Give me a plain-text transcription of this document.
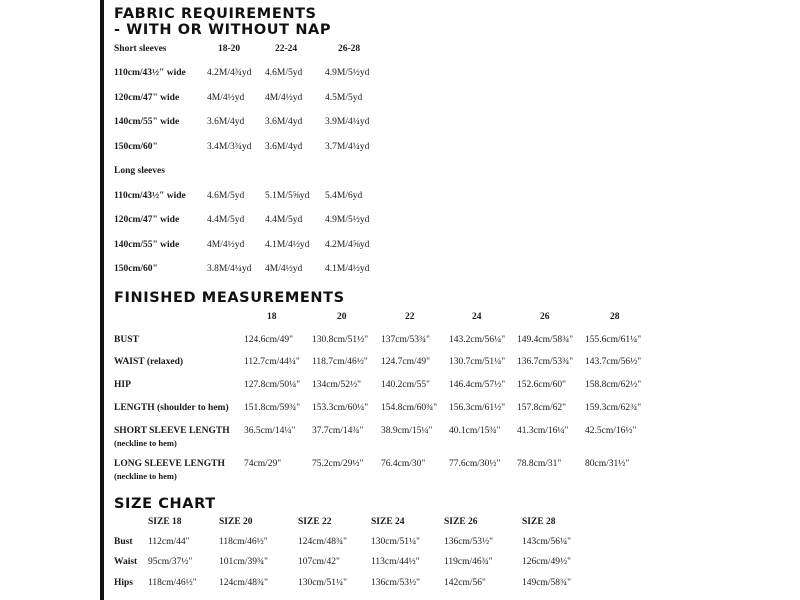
FABRIC REQUIREMENTS
- WITH OR WITHOUT NAP
Short sleeves	18-20	22-24	26-28
110cm/43½" wide 4.2M/4¾yd 4.6M/5yd 4.9M/5½yd
120cm/47" wide	4M/4½yd 4M/4½yd 4.5M/5yd
140cm/55" wide	3.6M/4yd 3.6M/4yd 3.9M/4¼yd
150cm/60"	3.4M/3¾yd 3.6M/4yd 3.7M/4¼yd
Long sleeves
110cm/43½" wide 4.6M/5yd 5.1M/5⅝yd 5.4M/6yd
120cm/47" wide	4.4M/5yd 4.4M/5yd 4.9M/5½yd
140cm/55" wide	4M/4½yd 4.1M/4½yd 4.2M/4⅝yd
150cm/60"	3.8M/4¼yd 4M/4½yd 4.1M/4½yd
FINISHED MEASUREMENTS
18	20	22	24	26	28
BUST	124.6cm/49" 130.8cm/51½" 137cm/53¾" 143.2cm/56¼" 149.4cm/58¾" 155.6cm/61¼"
WAIST (relaxed)	112.7cm/44¼" 118.7cm/46½" 124.7cm/49" 130.7cm/51¼" 136.7cm/53¾" 143.7cm/56½"
HIP	127.8cm/50¼" 134cm/52½" 140.2cm/55" 146.4cm/57½" 152.6cm/60" 158.8cm/62½"
LENGTH (shoulder to hem) 151.8cm/59¾" 153.3cm/60¼" 154.8cm/60¾" 156.3cm/61½" 157.8cm/62" 159.3cm/62¾"
SHORT SLEEVE LENGTH
(neckline to hem)
36.5cm/14¼" 37.7cm/14¾" 38.9cm/15¼" 40.1cm/15¾" 41.3cm/16¼" 42.5cm/16½"
LONG SLEEVE LENGTH
(neckline to hem)
74cm/29"	75.2cm/29½" 76.4cm/30"	77.6cm/30½" 78.8cm/31"	80cm/31½"
SIZE CHART
SIZE 18	SIZE 20	SIZE 22	SIZE 24	SIZE 26	SIZE 28
Bust 112cm/44"	118cm/46½"	124cm/48¾"	130cm/51¼"	136cm/53½"	143cm/56¼"
Waist 95cm/37½"	101cm/39¾"	107cm/42"	113cm/44½"	119cm/46¾"	126cm/49½"
Hips 118cm/46½" 124cm/48¾"	130cm/51¼"	136cm/53½"	142cm/56"	149cm/58¾"
